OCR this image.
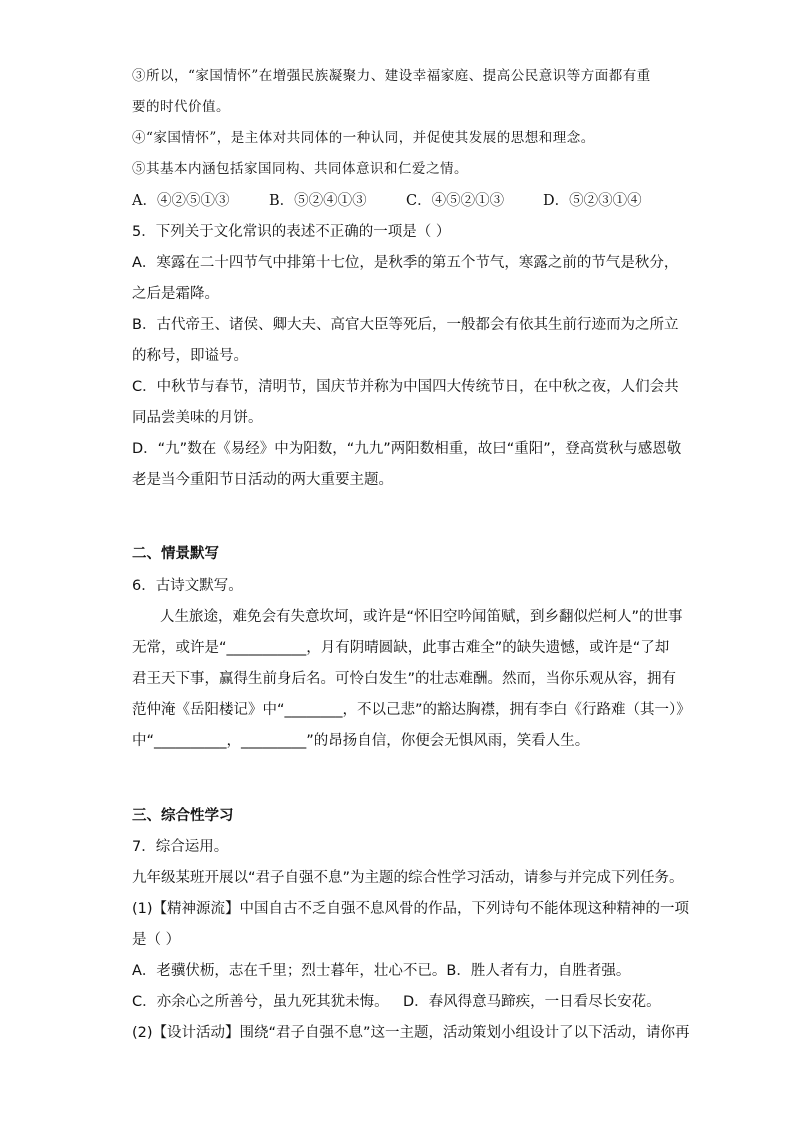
③所以，“家国情怀”在增强民族凝聚力、建设幸福家庭、提高公民意识等方面都有重
要的时代价值。
④“家国情怀”，是主体对共同体的一种认同，并促使其发展的思想和理念。
⑤其基本内涵包括家国同构、共同体意识和仁爱之情。
A．④②⑤①③	B．⑤②④①③	C．④⑤②①③	D．⑤②③①④
5．下列关于文化常识的表述不正确的一项是（ ）
A．寒露在二十四节气中排第十七位，是秋季的第五个节气，寒露之前的节气是秋分，
之后是霜降。
B．古代帝王、诸侯、卿大夫、高官大臣等死后，一般都会有依其生前行迹而为之所立
的称号，即谥号。
C．中秋节与春节，清明节，国庆节并称为中国四大传统节日，在中秋之夜，人们会共
同品尝美味的月饼。
D．“九”数在《易经》中为阳数，“九九”两阳数相重，故曰“重阳”，登高赏秋与感恩敬
老是当今重阳节日活动的两大重要主题。
二、情景默写
6．古诗文默写。
人生旅途，难免会有失意坎坷，或许是“怀旧空吟闻笛赋，到乡翻似烂柯人”的世事
无常，或许是“___________，月有阴晴圆缺，此事古难全”的缺失遗憾，或许是“了却
君王天下事，赢得生前身后名。可怜白发生”的壮志难酬。然而，当你乐观从容，拥有
范仲淹《岳阳楼记》中“________，不以己悲”的豁达胸襟，拥有李白《行路难（其一）》
中“__________，_________”的昂扬自信，你便会无惧风雨，笑看人生。
三、综合性学习
7．综合运用。
九年级某班开展以“君子自强不息”为主题的综合性学习活动，请参与并完成下列任务。
(1)【精神源流】中国自古不乏自强不息风骨的作品，下列诗句不能体现这种精神的一项
是（ ）
A．老骥伏枥，志在千里；烈士暮年，壮心不已。B．胜人者有力，自胜者强。
C．亦余心之所善兮，虽九死其犹未悔。 D．春风得意马蹄疾，一日看尽长安花。
(2)【设计活动】围绕“君子自强不息”这一主题，活动策划小组设计了以下活动，请你再
